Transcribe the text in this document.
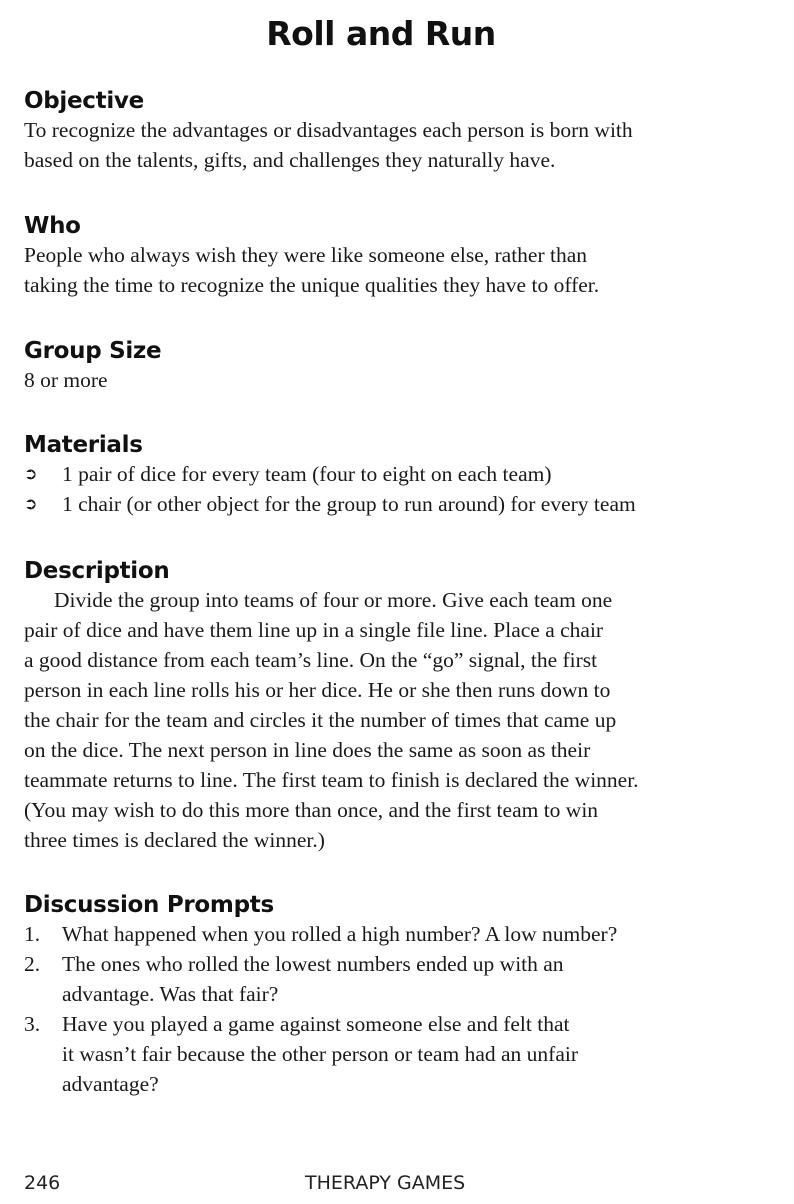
Roll and Run
Objective
To recognize the advantages or disadvantages each person is born with
based on the talents, gifts, and challenges they naturally have.
Who
People who always wish they were like someone else, rather than
taking the time to recognize the unique qualities they have to offer.
Group Size
8 or more
Materials
➲ 1 pair of dice for every team (four to eight on each team)
➲ 1 chair (or other object for the group to run around) for every team
Description
Divide the group into teams of four or more. Give each team one
pair of dice and have them line up in a single file line. Place a chair
a good distance from each team’s line. On the “go” signal, the first
person in each line rolls his or her dice. He or she then runs down to
the chair for the team and circles it the number of times that came up
on the dice. The next person in line does the same as soon as their
teammate returns to line. The first team to finish is declared the winner.
(You may wish to do this more than once, and the first team to win
three times is declared the winner.)
Discussion Prompts
1. What happened when you rolled a high number? A low number?
2. The ones who rolled the lowest numbers ended up with an
advantage. Was that fair?
3. Have you played a game against someone else and felt that
it wasn’t fair because the other person or team had an unfair
advantage?
246	THERAPY GAMES
